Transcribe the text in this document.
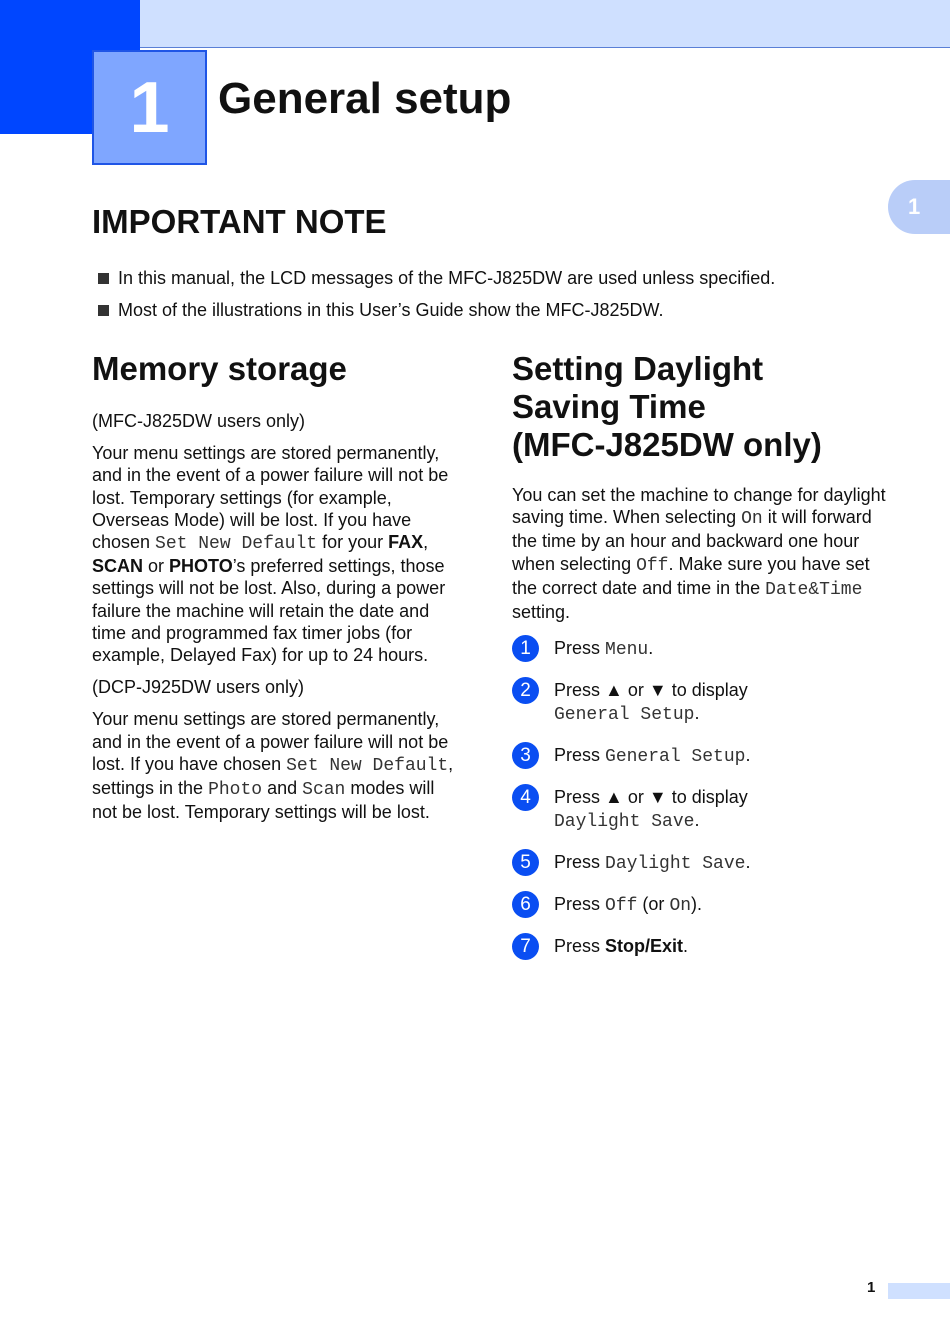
1 General setup
1
IMPORTANT NOTE
In this manual, the LCD messages of the MFC-J825DW are used unless specified.
Most of the illustrations in this User’s Guide show the MFC-J825DW.
Memory storage

(MFC-J825DW users only)

Your menu settings are stored permanently, and in the event of a power failure will not be lost. Temporary settings (for example, Overseas Mode) will be lost. If you have chosen Set New Default for your FAX, SCAN or PHOTO’s preferred settings, those settings will not be lost. Also, during a power failure the machine will retain the date and time and programmed fax timer jobs (for example, Delayed Fax) for up to 24 hours.

(DCP-J925DW users only)

Your menu settings are stored permanently, and in the event of a power failure will not be lost. If you have chosen Set New Default, settings in the Photo and Scan modes will not be lost. Temporary settings will be lost.

Setting Daylight
Saving Time
(MFC-J825DW only)

You can set the machine to change for daylight saving time. When selecting On it will forward the time by an hour and backward one hour when selecting Off. Make sure you have set the correct date and time in the Date&Time setting.

1	Press Menu.
2	Press ▲ or ▼ to display
General Setup.
3	Press General Setup.
4	Press ▲ or ▼ to display
Daylight Save.
5	Press Daylight Save.
6	Press Off (or On).
7	Press Stop/Exit.
1
